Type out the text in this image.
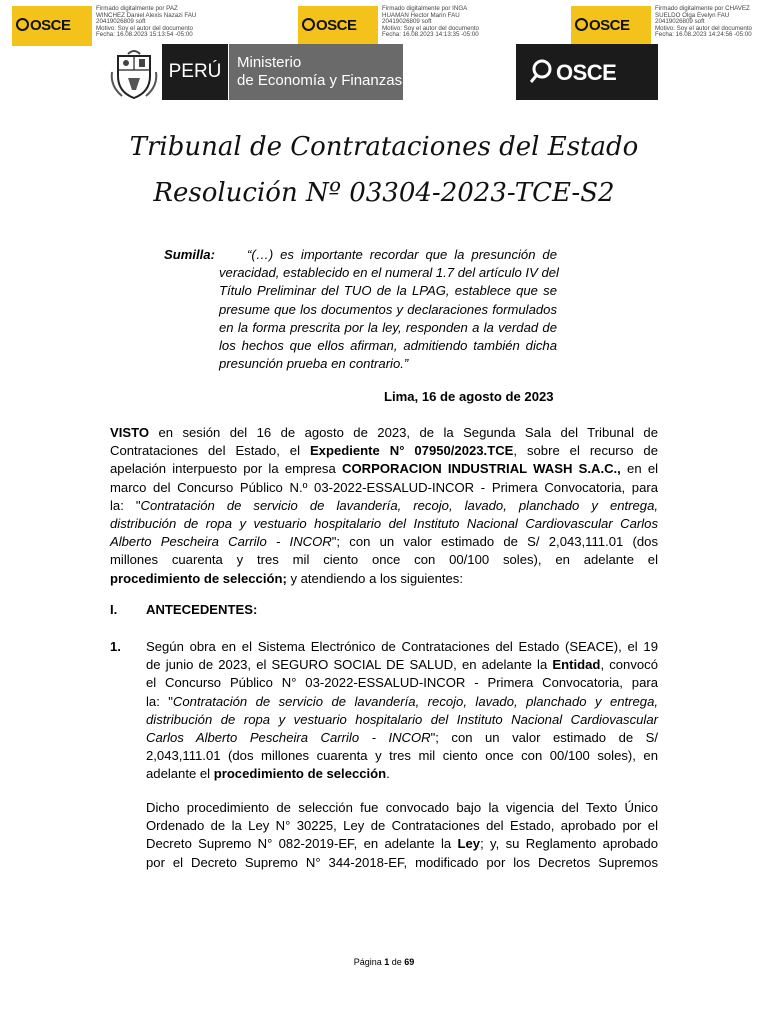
OSCE
Firmado digitalmente por PAZ
WINCHEZ Daniel Alexis Nazazi FAU
20419026809 soft
Motivo: Soy el autor del documento
Fecha: 16.08.2023 15:13:54 -05:00
OSCE
Firmado digitalmente por INGA
HUAMAN Hector Marin FAU
20419026809 soft
Motivo: Soy el autor del documento
Fecha: 16.08.2023 14:13:35 -05:00
OSCE
Firmado digitalmente por CHAVEZ
SUELDO Olga Evelyn FAU
20419026809 soft
Motivo: Soy el autor del documento
Fecha: 16.08.2023 14:24:56 -05:00
PERÚ	Ministerio
de Economía y Finanzas	OSCE
Tribunal de Contrataciones del Estado
Resolución Nº 03304-2023-TCE-S2
Sumilla:	“(…) es importante recordar que la presunción de
veracidad, establecido en el numeral 1.7 del artículo IV del
Título Preliminar del TUO de la LPAG, establece que se
presume que los documentos y declaraciones formulados
en la forma prescrita por la ley, responden a la verdad de
los hechos que ellos afirman, admitiendo también dicha
presunción prueba en contrario.”
Lima, 16 de agosto de 2023
VISTO en sesión del 16 de agosto de 2023, de la Segunda Sala del Tribunal de
Contrataciones del Estado, el Expediente N° 07950/2023.TCE, sobre el recurso de
apelación interpuesto por la empresa CORPORACION INDUSTRIAL WASH S.A.C., en el
marco del Concurso Público N.º 03-2022-ESSALUD-INCOR - Primera Convocatoria, para
la: "Contratación de servicio de lavandería, recojo, lavado, planchado y entrega,
distribución de ropa y vestuario hospitalario del Instituto Nacional Cardiovascular Carlos
Alberto Pescheira Carrilo - INCOR"; con un valor estimado de S/ 2,043,111.01 (dos
millones cuarenta y tres mil ciento once con 00/100 soles), en adelante el
procedimiento de selección; y atendiendo a los siguientes:
I. ANTECEDENTES:
1. Según obra en el Sistema Electrónico de Contrataciones del Estado (SEACE), el 19
de junio de 2023, el SEGURO SOCIAL DE SALUD, en adelante la Entidad, convocó
el Concurso Público N° 03-2022-ESSALUD-INCOR - Primera Convocatoria, para
la: "Contratación de servicio de lavandería, recojo, lavado, planchado y entrega,
distribución de ropa y vestuario hospitalario del Instituto Nacional Cardiovascular
Carlos Alberto Pescheira Carrilo - INCOR"; con un valor estimado de S/
2,043,111.01 (dos millones cuarenta y tres mil ciento once con 00/100 soles), en
adelante el procedimiento de selección.
Dicho procedimiento de selección fue convocado bajo la vigencia del Texto Único
Ordenado de la Ley N° 30225, Ley de Contrataciones del Estado, aprobado por el
Decreto Supremo N° 082-2019-EF, en adelante la Ley; y, su Reglamento aprobado
por el Decreto Supremo N° 344-2018-EF, modificado por los Decretos Supremos
Página 1 de 69
